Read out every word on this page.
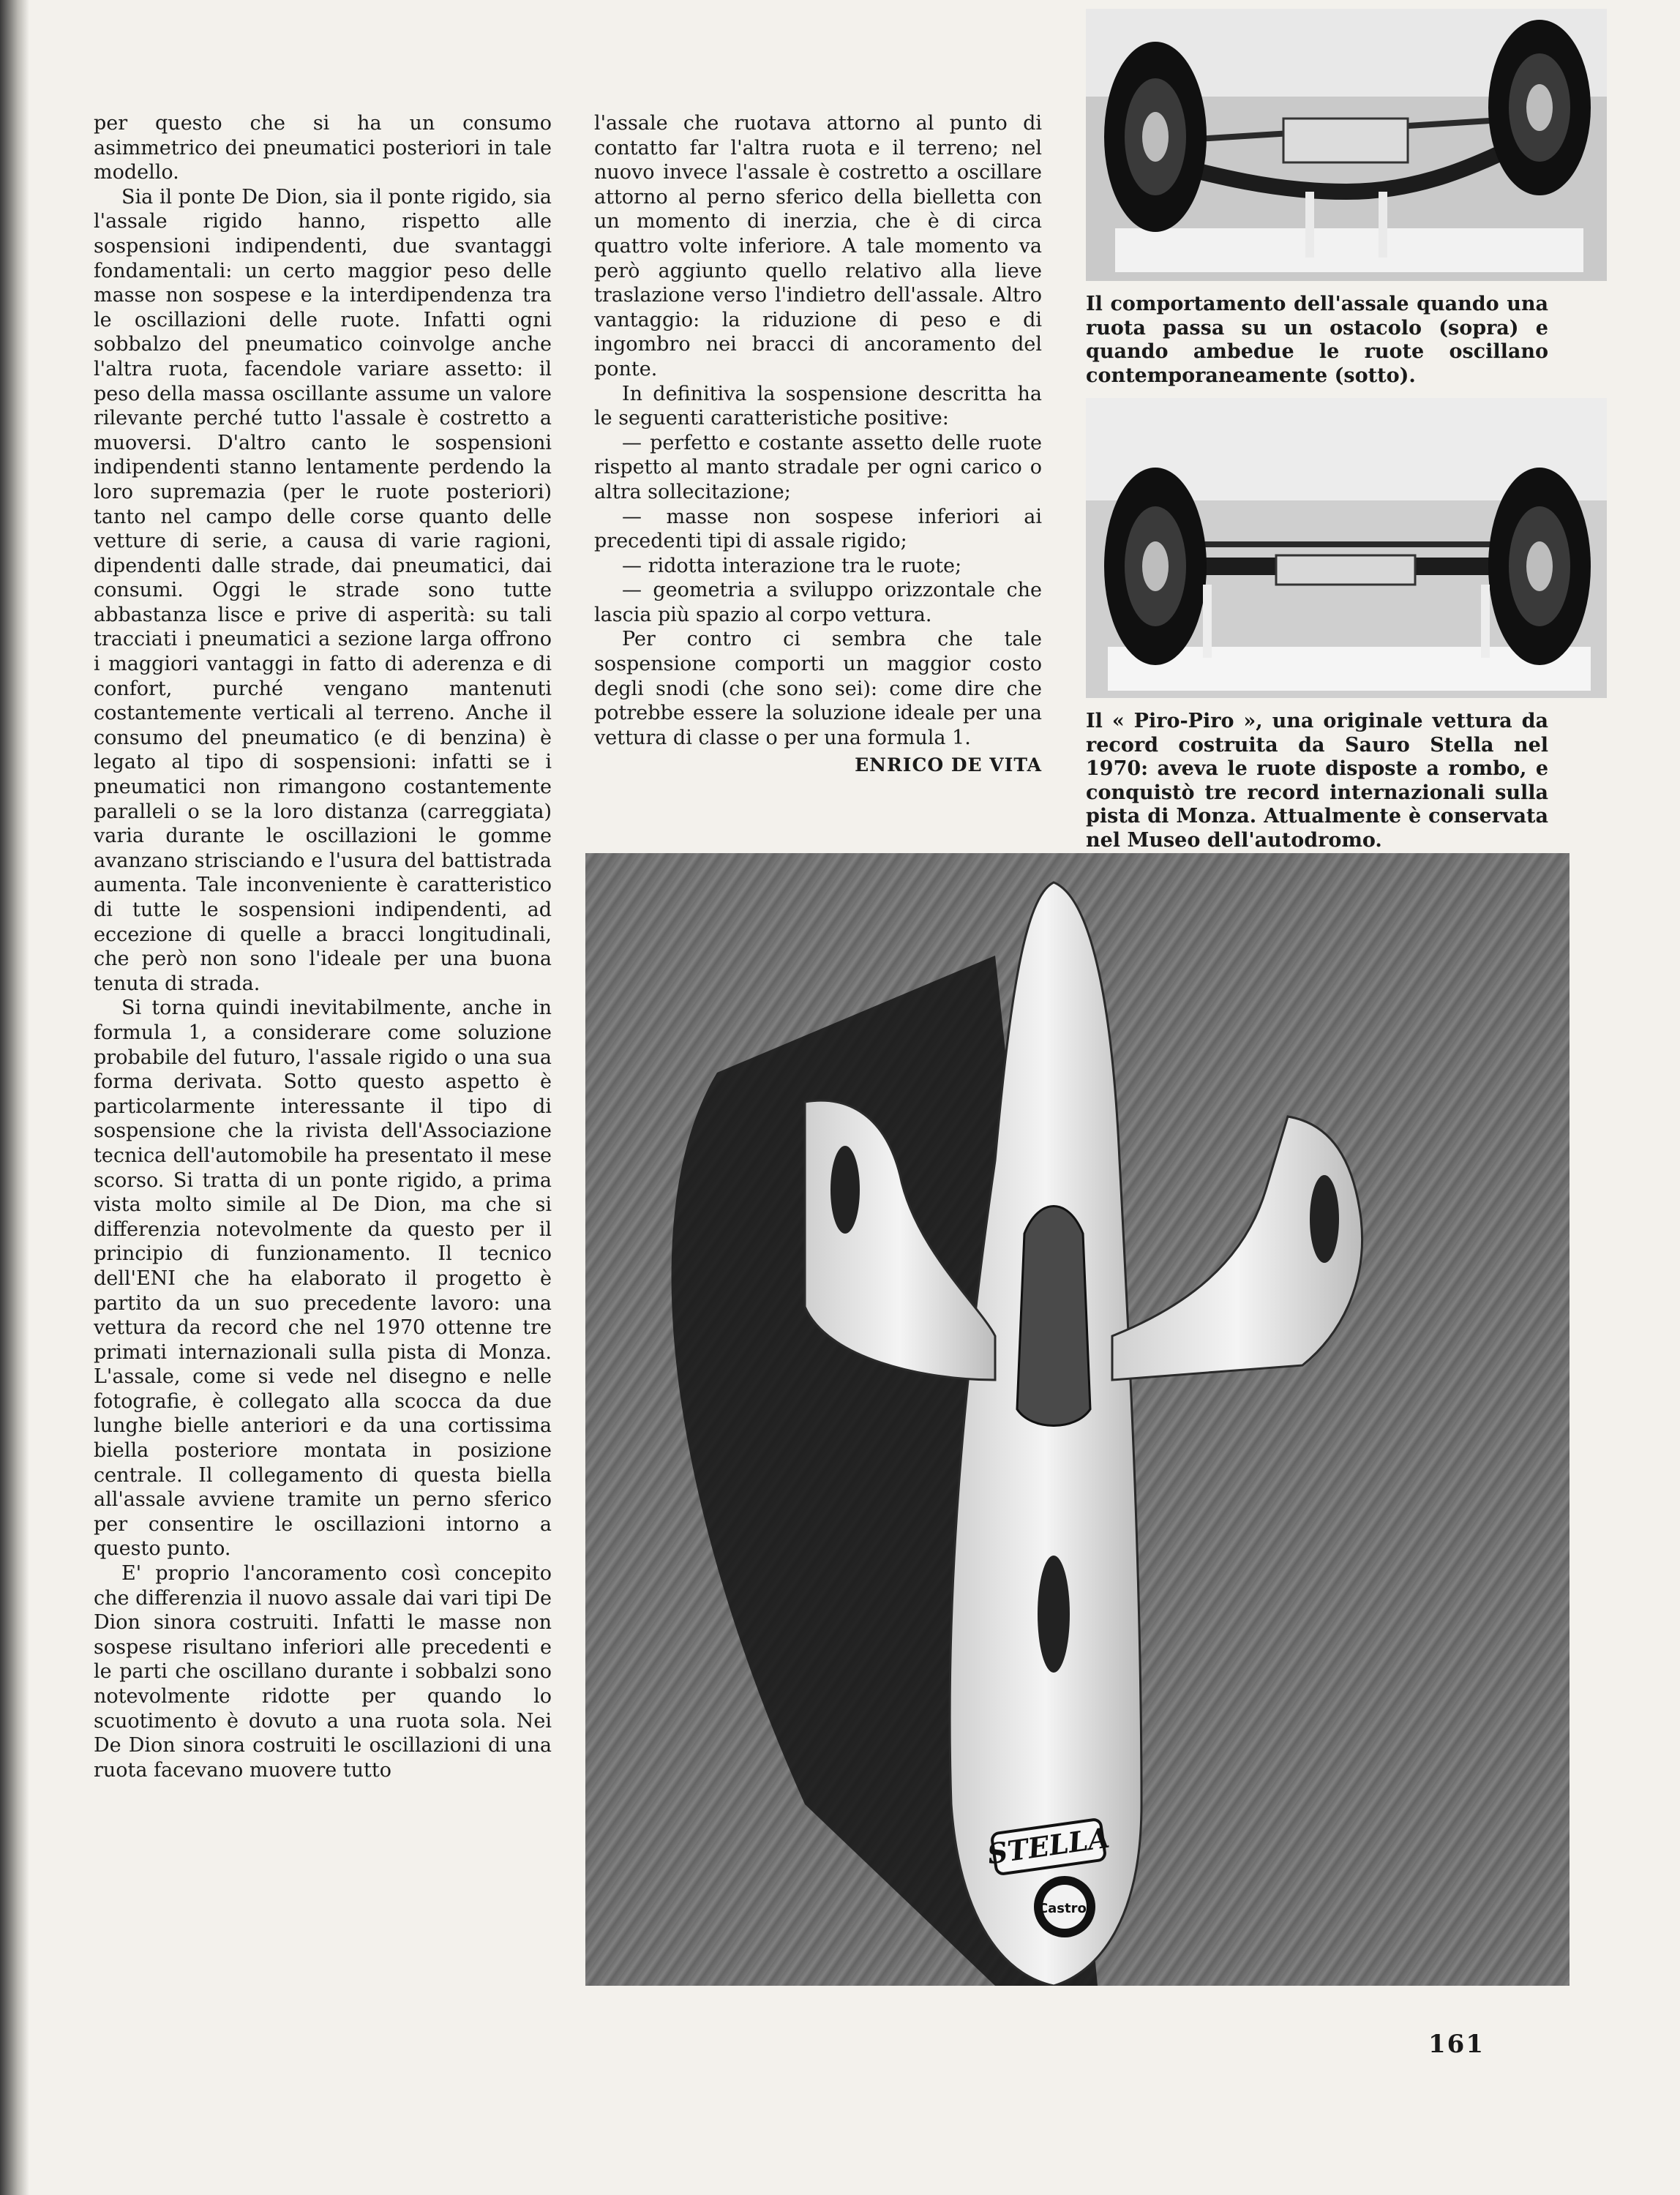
per questo che si ha un consumo asimmetrico dei pneumatici posteriori in tale modello.

Sia il ponte De Dion, sia il ponte rigido, sia l'assale rigido hanno, rispetto alle sospensioni indipendenti, due svantaggi fondamentali: un certo maggior peso delle masse non sospese e la interdipendenza tra le oscillazioni delle ruote. Infatti ogni sobbalzo del pneumatico coinvolge anche l'altra ruota, facendole variare assetto: il peso della massa oscillante assume un valore rilevante perché tutto l'assale è costretto a muoversi. D'altro canto le sospensioni indipendenti stanno lentamente perdendo la loro supremazia (per le ruote posteriori) tanto nel campo delle corse quanto delle vetture di serie, a causa di varie ragioni, dipendenti dalle strade, dai pneumatici, dai consumi. Oggi le strade sono tutte abbastanza lisce e prive di asperità: su tali tracciati i pneumatici a sezione larga offrono i maggiori vantaggi in fatto di aderenza e di confort, purché vengano mantenuti costantemente verticali al terreno. Anche il consumo del pneumatico (e di benzina) è legato al tipo di sospensioni: infatti se i pneumatici non rimangono costantemente paralleli o se la loro distanza (carreggiata) varia durante le oscillazioni le gomme avanzano strisciando e l'usura del battistrada aumenta. Tale inconveniente è caratteristico di tutte le sospensioni indipendenti, ad eccezione di quelle a bracci longitudinali, che però non sono l'ideale per una buona tenuta di strada.

Si torna quindi inevitabilmente, anche in formula 1, a considerare come soluzione probabile del futuro, l'assale rigido o una sua forma derivata. Sotto questo aspetto è particolarmente interessante il tipo di sospensione che la rivista dell'Associazione tecnica dell'automobile ha presentato il mese scorso. Si tratta di un ponte rigido, a prima vista molto simile al De Dion, ma che si differenzia notevolmente da questo per il principio di funzionamento. Il tecnico dell'ENI che ha elaborato il progetto è partito da un suo precedente lavoro: una vettura da record che nel 1970 ottenne tre primati internazionali sulla pista di Monza. L'assale, come si vede nel disegno e nelle fotografie, è collegato alla scocca da due lunghe bielle anteriori e da una cortissima biella posteriore montata in posizione centrale. Il collegamento di questa biella all'assale avviene tramite un perno sferico per consentire le oscillazioni intorno a questo punto.

E' proprio l'ancoramento così concepito che differenzia il nuovo assale dai vari tipi De Dion sinora costruiti. Infatti le masse non sospese risultano inferiori alle precedenti e le parti che oscillano durante i sobbalzi sono notevolmente ridotte per quando lo scuotimento è dovuto a una ruota sola. Nei De Dion sinora costruiti le oscillazioni di una ruota facevano muovere tutto

l'assale che ruotava attorno al punto di contatto far l'altra ruota e il terreno; nel nuovo invece l'assale è costretto a oscillare attorno al perno sferico della bielletta con un momento di inerzia, che è di circa quattro volte inferiore. A tale momento va però aggiunto quello relativo alla lieve traslazione verso l'indietro dell'assale. Altro vantaggio: la riduzione di peso e di ingombro nei bracci di ancoramento del ponte.

In definitiva la sospensione descritta ha le seguenti caratteristiche positive:

— perfetto e costante assetto delle ruote rispetto al manto stradale per ogni carico o altra sollecitazione;

— masse non sospese inferiori ai precedenti tipi di assale rigido;

— ridotta interazione tra le ruote;

— geometria a sviluppo orizzontale che lascia più spazio al corpo vettura.

Per contro ci sembra che tale sospensione comporti un maggior costo degli snodi (che sono sei): come dire che potrebbe essere la soluzione ideale per una vettura di classe o per una formula 1.

ENRICO DE VITA
Il comportamento dell'assale quando una ruota passa su un ostacolo (sopra) e quando ambedue le ruote oscillano contemporaneamente (sotto).
Il « Piro-Piro », una originale vettura da record costruita da Sauro Stella nel 1970: aveva le ruote disposte a rombo, e conquistò tre record internazionali sulla pista di Monza. Attualmente è conservata nel Museo dell'autodromo.
STELLA
Castrol
161
